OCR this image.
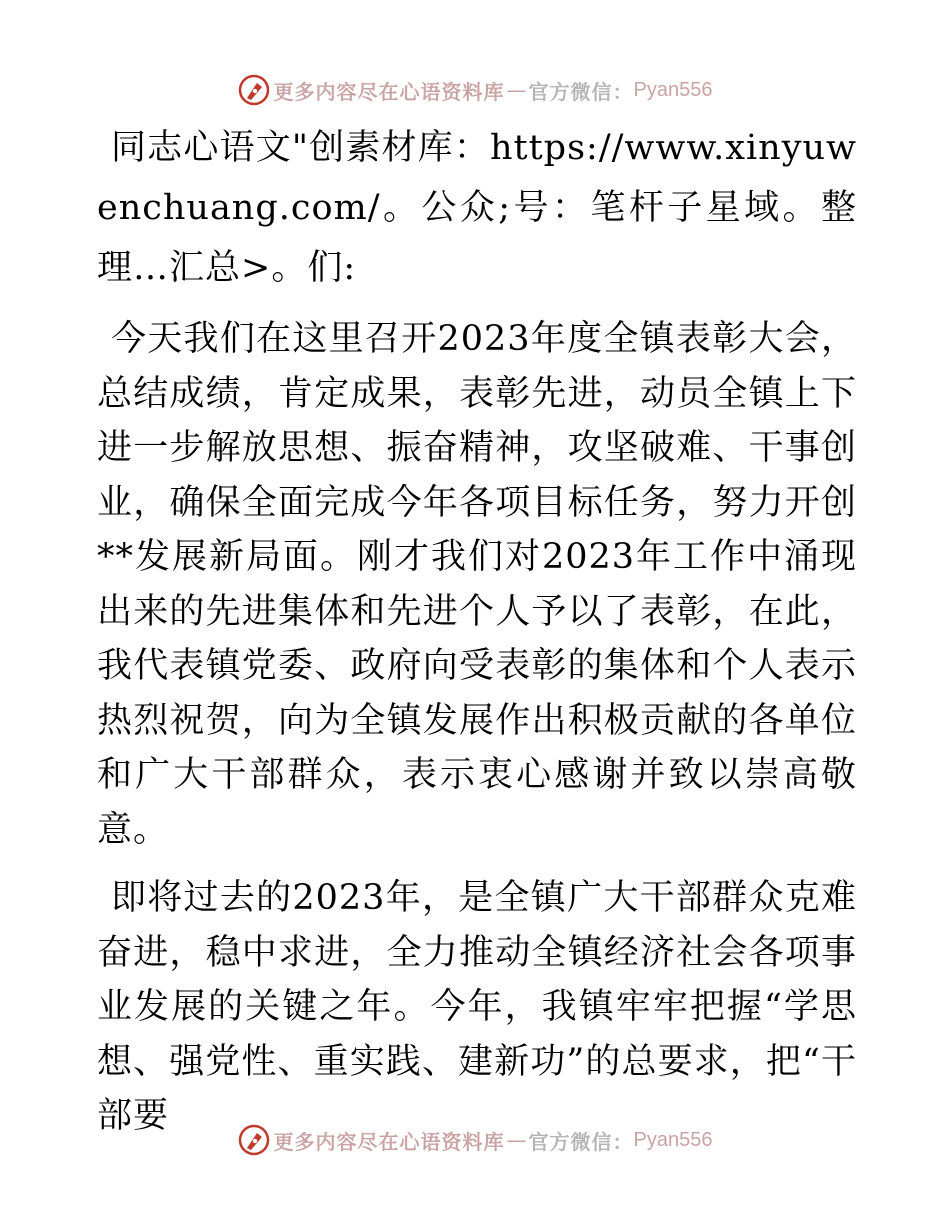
更多内容尽在心语资料库 — 官方微信： Pyan556

同志心语文"创素材库：https://www.xinyuwenchuang.com/。公众;号：笔杆子星域。整理…汇总>。们:

今天我们在这里召开2023年度全镇表彰大会，总结成绩，肯定成果，表彰先进，动员全镇上下进一步解放思想、振奋精神，攻坚破难、干事创业，确保全面完成今年各项目标任务，努力开创**发展新局面。刚才我们对2023年工作中涌现出来的先进集体和先进个人予以了表彰，在此，我代表镇党委、政府向受表彰的集体和个人表示热烈祝贺，向为全镇发展作出积极贡献的各单位和广大干部群众，表示衷心感谢并致以崇高敬意。

即将过去的2023年，是全镇广大干部群众克难奋进，稳中求进，全力推动全镇经济社会各项事业发展的关键之年。今年，我镇牢牢把握“学思想、强党性、重实践、建新功”的总要求，把“干部要

更多内容尽在心语资料库 — 官方微信： Pyan556
